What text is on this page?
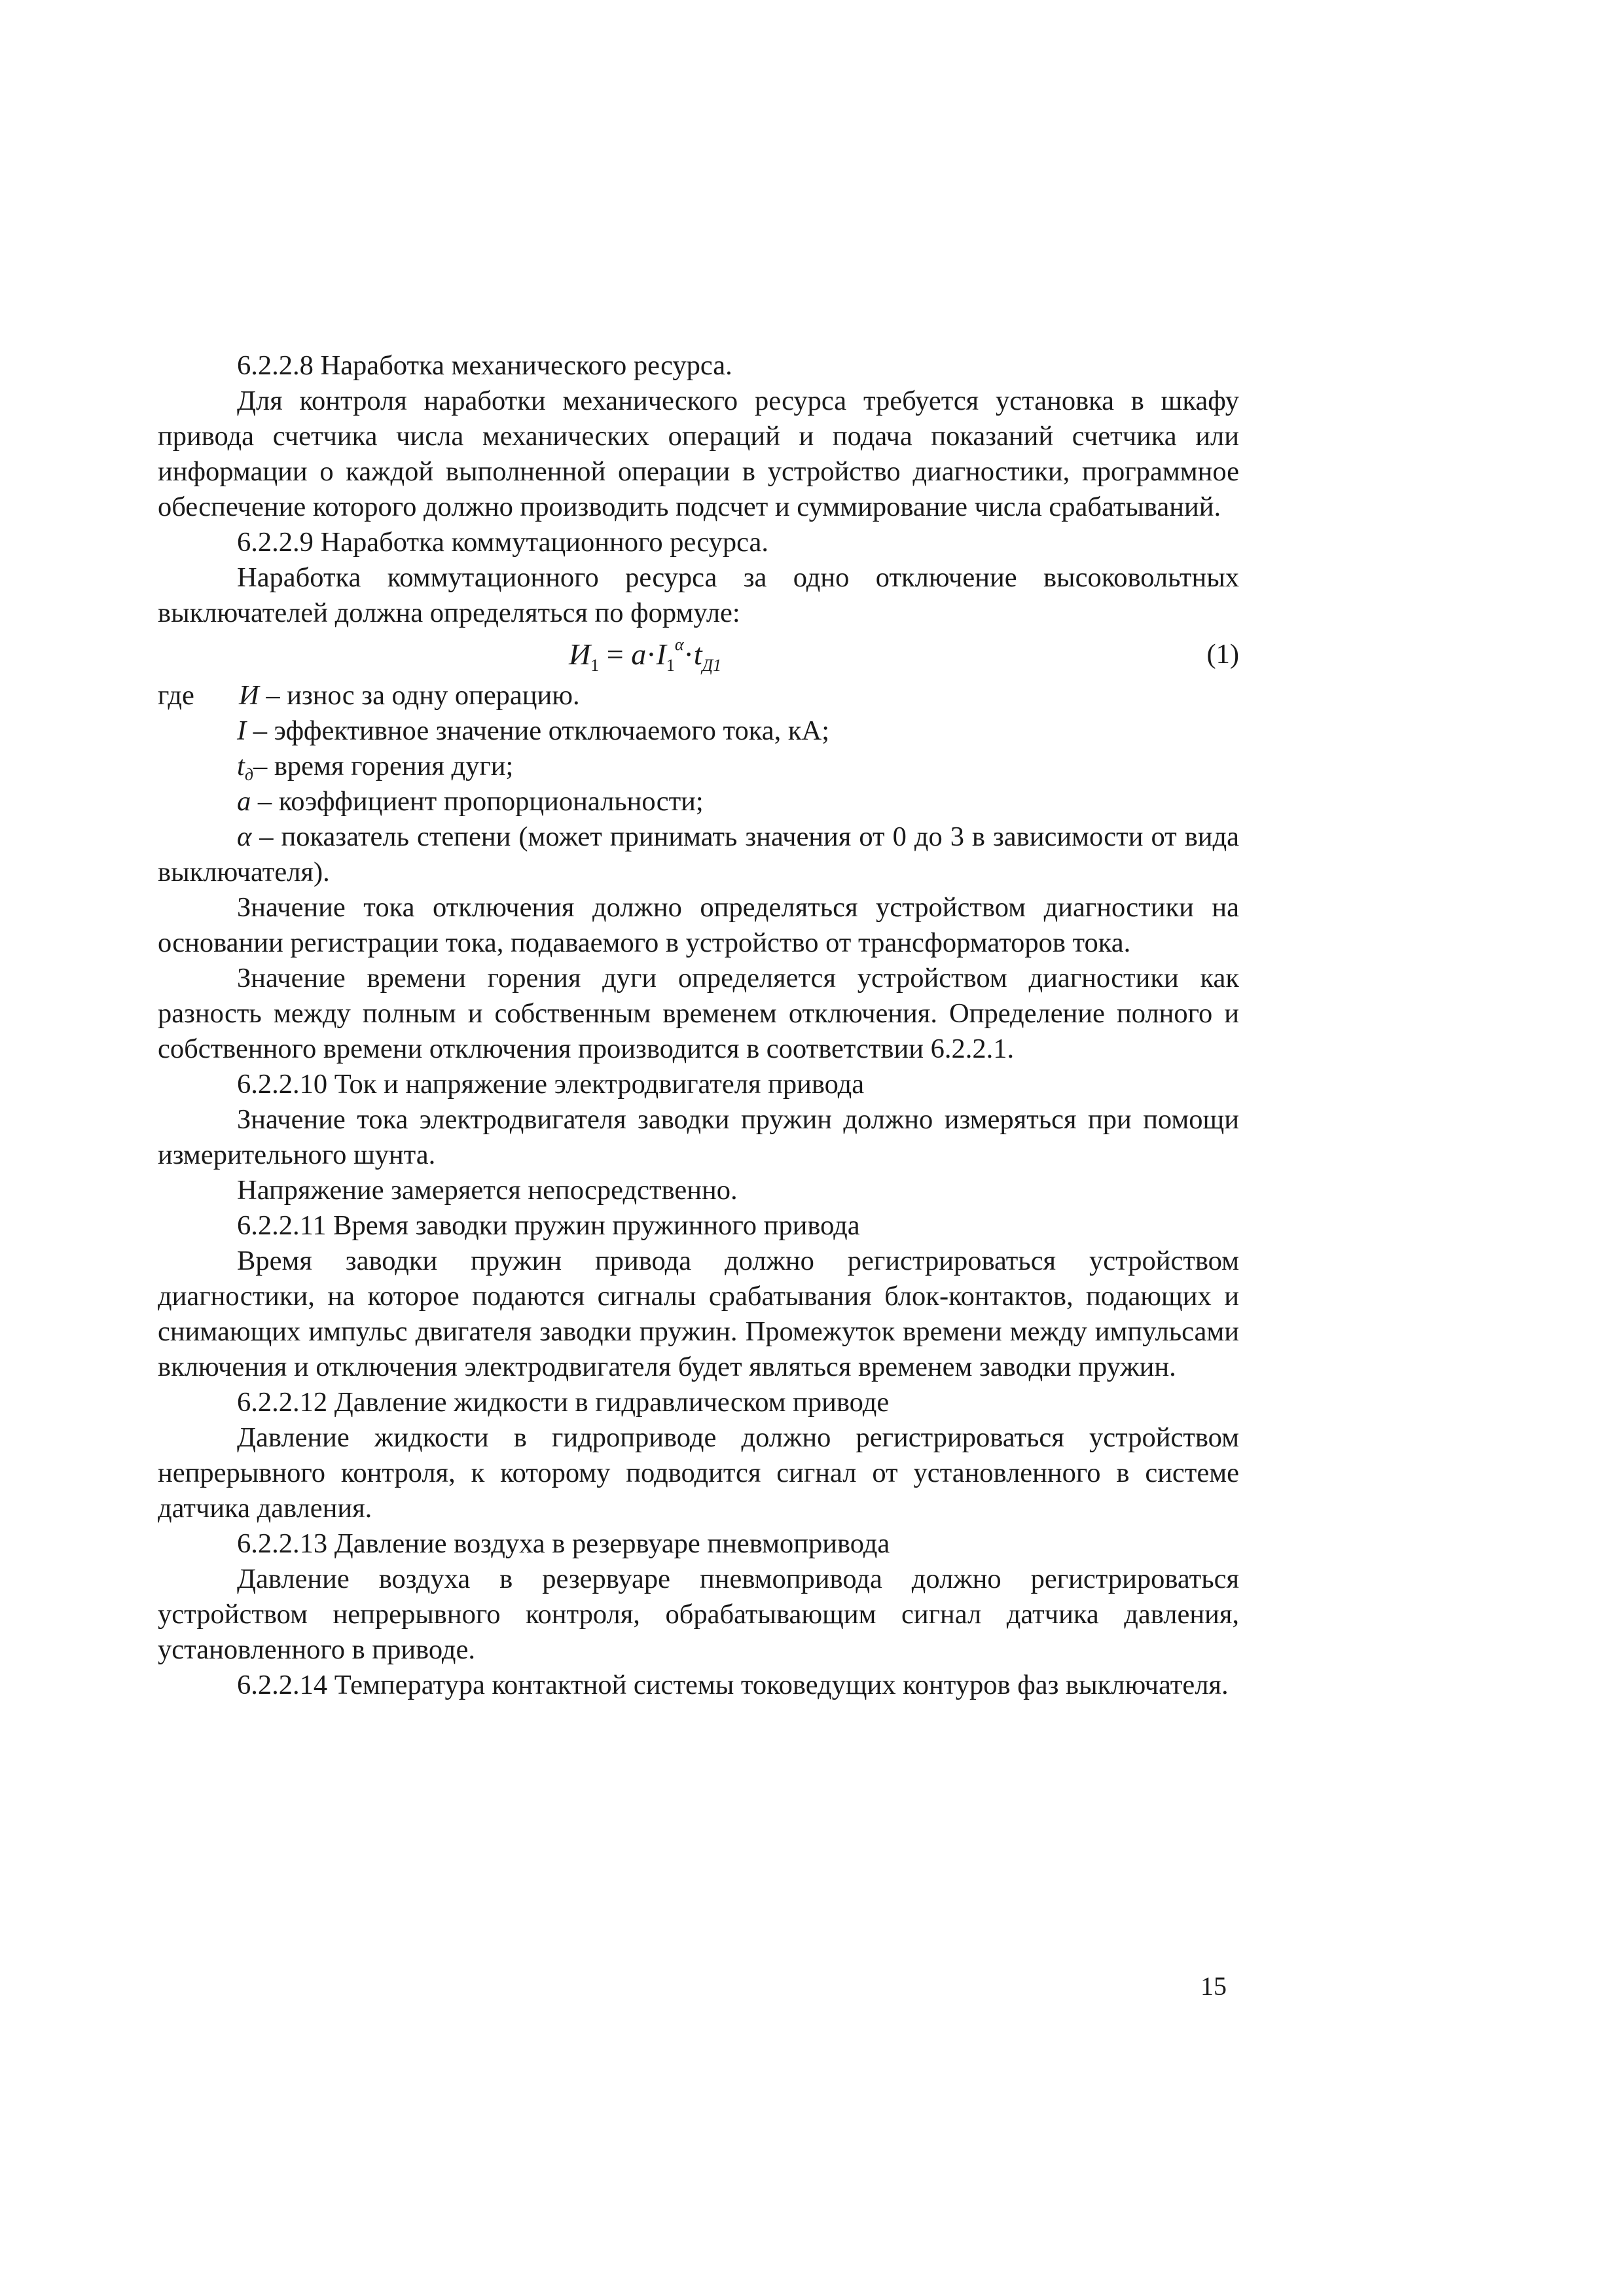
6.2.2.8 Наработка механического ресурса.

Для контроля наработки механического ресурса требуется установка в шкафу привода счетчика числа механических операций и подача показаний счетчика или информации о каждой выполненной операции в устройство диагностики, программное обеспечение которого должно производить подсчет и суммирование числа срабатываний.

6.2.2.9 Наработка коммутационного ресурса.

Наработка коммутационного ресурса за одно отключение высоковольтных выключателей должна определяться по формуле:

$И_1 = a\cdot I_1^\alpha\cdot t_{Д1}$	(1)
где И – износ за одну операцию.
I – эффективное значение отключаемого тока, кА;
tд– время горения дуги;
a – коэффициент пропорциональности;

α – показатель степени (может принимать значения от 0 до 3 в зависимости от вида выключателя).

Значение тока отключения должно определяться устройством диагностики на основании регистрации тока, подаваемого в устройство от трансформаторов тока.

Значение времени горения дуги определяется устройством диагностики как разность между полным и собственным временем отключения. Определение полного и собственного времени отключения производится в соответствии 6.2.2.1.

6.2.2.10 Ток и напряжение электродвигателя привода

Значение тока электродвигателя заводки пружин должно измеряться при помощи измерительного шунта.

Напряжение замеряется непосредственно.

6.2.2.11 Время заводки пружин пружинного привода

Время заводки пружин привода должно регистрироваться устройством диагностики, на которое подаются сигналы срабатывания блок-контактов, подающих и снимающих импульс двигателя заводки пружин. Промежуток времени между импульсами включения и отключения электродвигателя будет являться временем заводки пружин.

6.2.2.12 Давление жидкости в гидравлическом приводе

Давление жидкости в гидроприводе должно регистрироваться устройством непрерывного контроля, к которому подводится сигнал от установленного в системе датчика давления.

6.2.2.13 Давление воздуха в резервуаре пневмопривода

Давление воздуха в резервуаре пневмопривода должно регистрироваться устройством непрерывного контроля, обрабатывающим сигнал датчика давления, установленного в приводе.

6.2.2.14 Температура контактной системы токоведущих контуров фаз выключателя.

15
